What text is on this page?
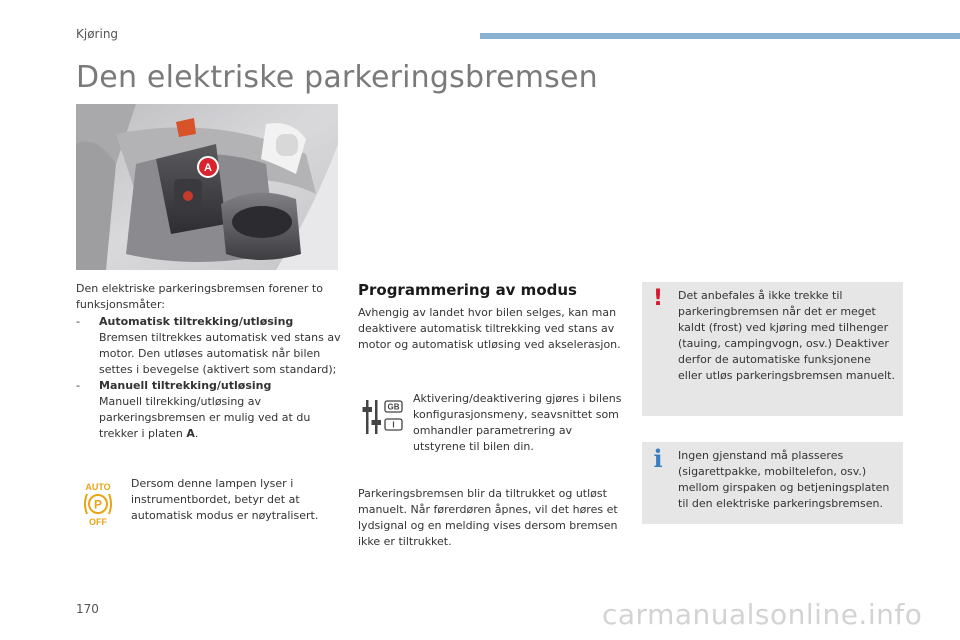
Kjøring
Den elektriske parkeringsbremsen
A

Den elektriske parkeringsbremsen forener to funksjonsmåter:

- Automatisk tiltrekking/utløsing
Bremsen tiltrekkes automatisk ved stans av motor. Den utløses automatisk når bilen settes i bevegelse (aktivert som standard);
- Manuell tiltrekking/utløsing
Manuell tilrekking/utløsing av parkeringsbremsen er mulig ved at du trekker i platen A.
AUTO
P
OFF
Dersom denne lampen lyser i instrumentbordet, betyr det at automatisk modus er nøytralisert.
Programmering av modus

Avhengig av landet hvor bilen selges, kan man deaktivere automatisk tiltrekking ved stans av motor og automatisk utløsing ved akselerasjon.

GB
I

Aktivering/deaktivering gjøres i bilens konfigurasjonsmeny, seavsnittet som omhandler parametrering av utstyrene til bilen din.

Parkeringsbremsen blir da tiltrukket og utløst manuelt. Når førerdøren åpnes, vil det høres et lydsignal og en melding vises dersom bremsen ikke er tiltrukket.

! Det anbefales å ikke trekke til parkeringbremsen når det er meget kaldt (frost) ved kjøring med tilhenger (tauing, campingvogn, osv.) Deaktiver derfor de automatiske funksjonene eller utløs parkeringsbremsen manuelt.
i	Ingen gjenstand må plasseres (sigarettpakke, mobiltelefon, osv.) mellom girspaken og betjeningsplaten til den elektriske parkeringsbremsen.
170	carmanualsonline.info
